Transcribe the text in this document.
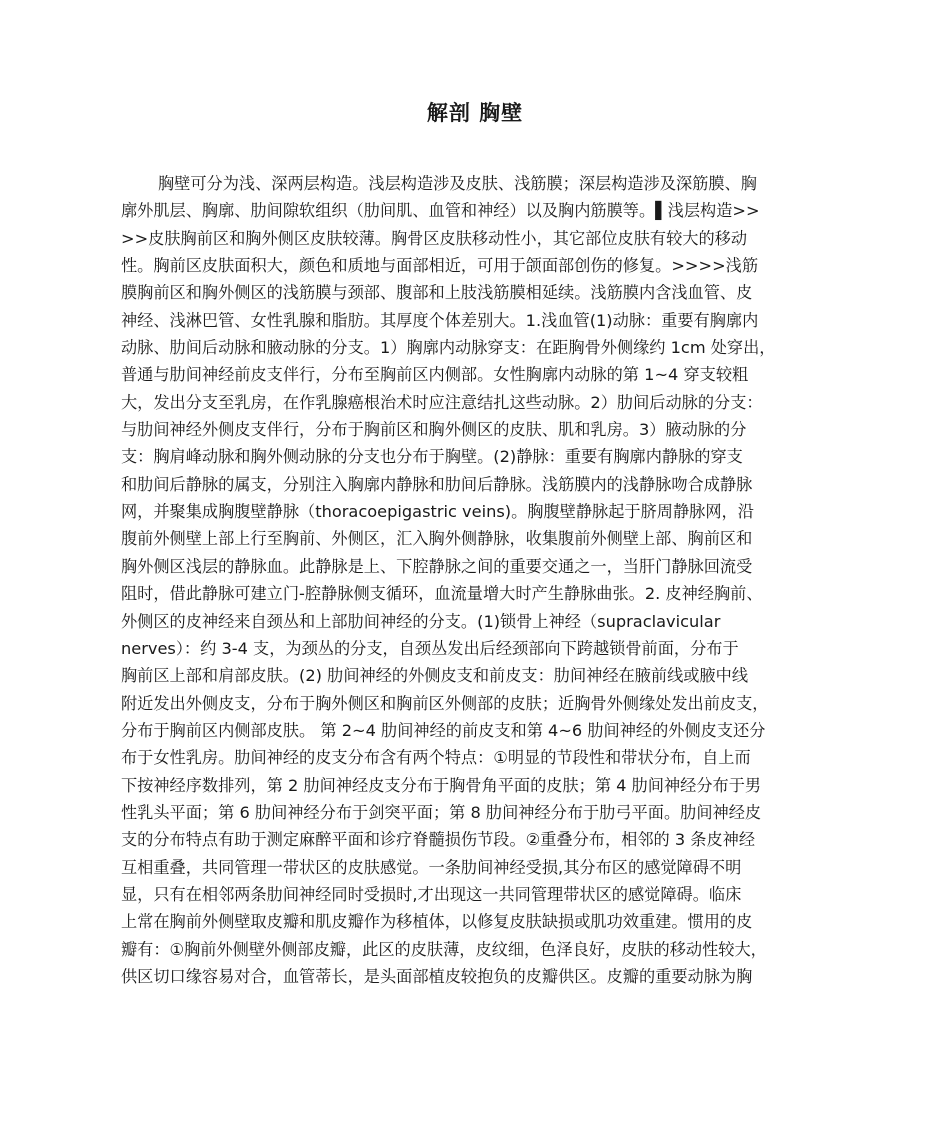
解剖 胸壁
胸壁可分为浅、深两层构造。浅层构造涉及皮肤、浅筋膜；深层构造涉及深筋膜、胸
廓外肌层、胸廓、肋间隙软组织（肋间肌、血管和神经）以及胸内筋膜等。▌浅层构造>>
>>皮肤胸前区和胸外侧区皮肤较薄。胸骨区皮肤移动性小，其它部位皮肤有较大的移动
性。胸前区皮肤面积大，颜色和质地与面部相近，可用于颌面部创伤的修复。>>>>浅筋
膜胸前区和胸外侧区的浅筋膜与颈部、腹部和上肢浅筋膜相延续。浅筋膜内含浅血管、皮
神经、浅淋巴管、女性乳腺和脂肪。其厚度个体差别大。1.浅血管(1)动脉：重要有胸廓内
动脉、肋间后动脉和腋动脉的分支。1）胸廓内动脉穿支：在距胸骨外侧缘约 1cm 处穿出，
普通与肋间神经前皮支伴行，分布至胸前区内侧部。女性胸廓内动脉的第 1~4 穿支较粗
大，发出分支至乳房，在作乳腺癌根治术时应注意结扎这些动脉。2）肋间后动脉的分支：
与肋间神经外侧皮支伴行，分布于胸前区和胸外侧区的皮肤、肌和乳房。3）腋动脉的分
支：胸肩峰动脉和胸外侧动脉的分支也分布于胸壁。(2)静脉：重要有胸廓内静脉的穿支
和肋间后静脉的属支，分别注入胸廓内静脉和肋间后静脉。浅筋膜内的浅静脉吻合成静脉
网，并聚集成胸腹壁静脉（thoracoepigastric veins)。胸腹壁静脉起于脐周静脉网，沿
腹前外侧壁上部上行至胸前、外侧区，汇入胸外侧静脉，收集腹前外侧壁上部、胸前区和
胸外侧区浅层的静脉血。此静脉是上、下腔静脉之间的重要交通之一，当肝门静脉回流受
阻时，借此静脉可建立门-腔静脉侧支循环，血流量增大时产生静脉曲张。2. 皮神经胸前、
外侧区的皮神经来自颈丛和上部肋间神经的分支。(1)锁骨上神经（supraclavicular
nerves）：约 3-4 支，为颈丛的分支，自颈丛发出后经颈部向下跨越锁骨前面，分布于
胸前区上部和肩部皮肤。(2) 肋间神经的外侧皮支和前皮支：肋间神经在腋前线或腋中线
附近发出外侧皮支，分布于胸外侧区和胸前区外侧部的皮肤；近胸骨外侧缘处发出前皮支，
分布于胸前区内侧部皮肤。 第 2~4 肋间神经的前皮支和第 4~6 肋间神经的外侧皮支还分
布于女性乳房。肋间神经的皮支分布含有两个特点：①明显的节段性和带状分布，自上而
下按神经序数排列，第 2 肋间神经皮支分布于胸骨角平面的皮肤；第 4 肋间神经分布于男
性乳头平面；第 6 肋间神经分布于剑突平面；第 8 肋间神经分布于肋弓平面。肋间神经皮
支的分布特点有助于测定麻醉平面和诊疗脊髓损伤节段。②重叠分布，相邻的 3 条皮神经
互相重叠，共同管理一带状区的皮肤感觉。一条肋间神经受损,其分布区的感觉障碍不明
显，只有在相邻两条肋间神经同时受损时,才出现这一共同管理带状区的感觉障碍。临床
上常在胸前外侧壁取皮瓣和肌皮瓣作为移植体，以修复皮肤缺损或肌功效重建。惯用的皮
瓣有：①胸前外侧壁外侧部皮瓣，此区的皮肤薄，皮纹细，色泽良好，皮肤的移动性较大，
供区切口缘容易对合，血管蒂长，是头面部植皮较抱负的皮瓣供区。皮瓣的重要动脉为胸
